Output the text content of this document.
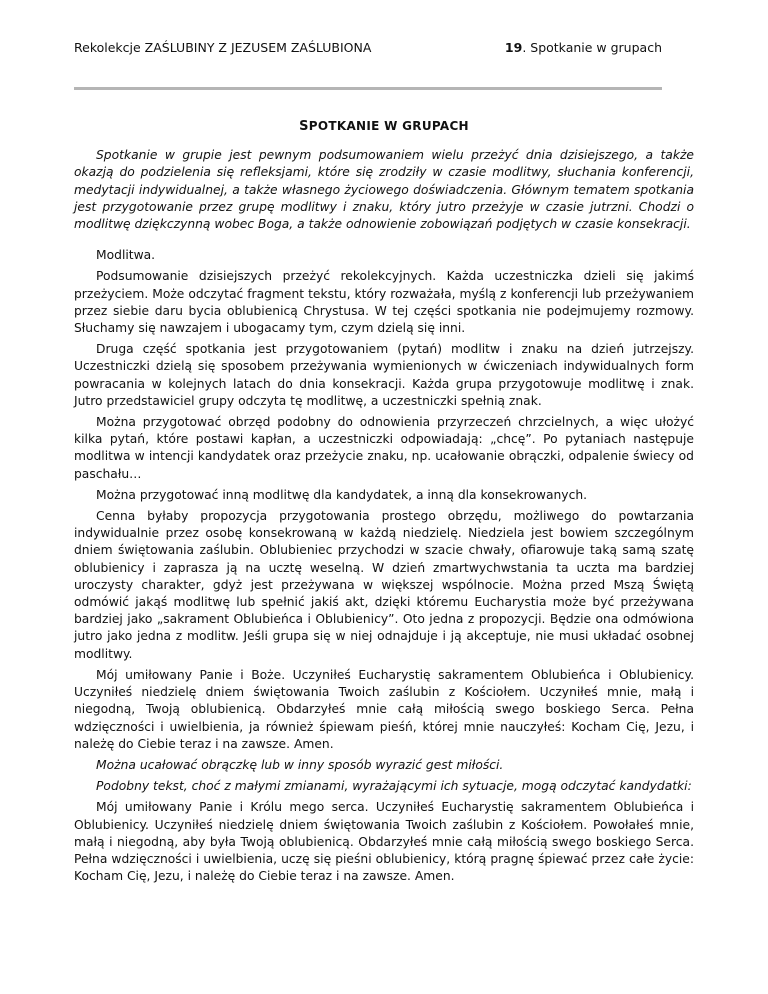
Rekolekcje ZAŚLUBINY Z JEZUSEM ZAŚLUBIONA	19. Spotkanie w grupach
SPOTKANIE W GRUPACH

Spotkanie w grupie jest pewnym podsumowaniem wielu przeżyć dnia dzisiejszego, a także okazją do podzielenia się refleksjami, które się zrodziły w czasie modlitwy, słuchania konferencji, medytacji indywidualnej, a także własnego życiowego doświadczenia. Głównym tematem spotkania jest przygotowanie przez grupę modlitwy i znaku, który jutro przeżyje w czasie jutrzni. Chodzi o modlitwę dziękczynną wobec Boga, a także odnowienie zobowiązań podjętych w czasie konsekracji.

Modlitwa.

Podsumowanie dzisiejszych przeżyć rekolekcyjnych. Każda uczestniczka dzieli się jakimś przeżyciem. Może odczytać fragment tekstu, który rozważała, myślą z konferencji lub przeżywaniem przez siebie daru bycia oblubienicą Chrystusa. W tej części spotkania nie podejmujemy rozmowy. Słuchamy się nawzajem i ubogacamy tym, czym dzielą się inni.

Druga część spotkania jest przygotowaniem (pytań) modlitw i znaku na dzień jutrzejszy. Uczestniczki dzielą się sposobem przeżywania wymienionych w ćwiczeniach indywidualnych form powracania w kolejnych latach do dnia konsekracji. Każda grupa przygotowuje modlitwę i znak. Jutro przedstawiciel grupy odczyta tę modlitwę, a uczestniczki spełnią znak.

Można przygotować obrzęd podobny do odnowienia przyrzeczeń chrzcielnych, a więc ułożyć kilka pytań, które postawi kapłan, a uczestniczki odpowiadają: „chcę”. Po pytaniach następuje modlitwa w intencji kandydatek oraz przeżycie znaku, np. ucałowanie obrączki, odpalenie świecy od paschału…

Można przygotować inną modlitwę dla kandydatek, a inną dla konsekrowanych.

Cenna byłaby propozycja przygotowania prostego obrzędu, możliwego do powtarzania indywidualnie przez osobę konsekrowaną w każdą niedzielę. Niedziela jest bowiem szczególnym dniem świętowania zaślubin. Oblubieniec przychodzi w szacie chwały, ofiarowuje taką samą szatę oblubienicy i zaprasza ją na ucztę weselną. W dzień zmartwychwstania ta uczta ma bardziej uroczysty charakter, gdyż jest przeżywana w większej wspólnocie. Można przed Mszą Świętą odmówić jakąś modlitwę lub spełnić jakiś akt, dzięki któremu Eucharystia może być przeżywana bardziej jako „sakrament Oblubieńca i Oblubienicy”. Oto jedna z propozycji. Będzie ona odmówiona jutro jako jedna z modlitw. Jeśli grupa się w niej odnajduje i ją akceptuje, nie musi układać osobnej modlitwy.

Mój umiłowany Panie i Boże. Uczyniłeś Eucharystię sakramentem Oblubieńca i Oblubienicy. Uczyniłeś niedzielę dniem świętowania Twoich zaślubin z Kościołem. Uczyniłeś mnie, małą i niegodną, Twoją oblubienicą. Obdarzyłeś mnie całą miłością swego boskiego Serca. Pełna wdzięczności i uwielbienia, ja również śpiewam pieśń, której mnie nauczyłeś: Kocham Cię, Jezu, i należę do Ciebie teraz i na zawsze. Amen.

Można ucałować obrączkę lub w inny sposób wyrazić gest miłości.

Podobny tekst, choć z małymi zmianami, wyrażającymi ich sytuacje, mogą odczytać kandydatki:

Mój umiłowany Panie i Królu mego serca. Uczyniłeś Eucharystię sakramentem Oblubieńca i Oblubienicy. Uczyniłeś niedzielę dniem świętowania Twoich zaślubin z Kościołem. Powołałeś mnie, małą i niegodną, aby była Twoją oblubienicą. Obdarzyłeś mnie całą miłością swego boskiego Serca. Pełna wdzięczności i uwielbienia, uczę się pieśni oblubienicy, którą pragnę śpiewać przez całe życie: Kocham Cię, Jezu, i należę do Ciebie teraz i na zawsze. Amen.
